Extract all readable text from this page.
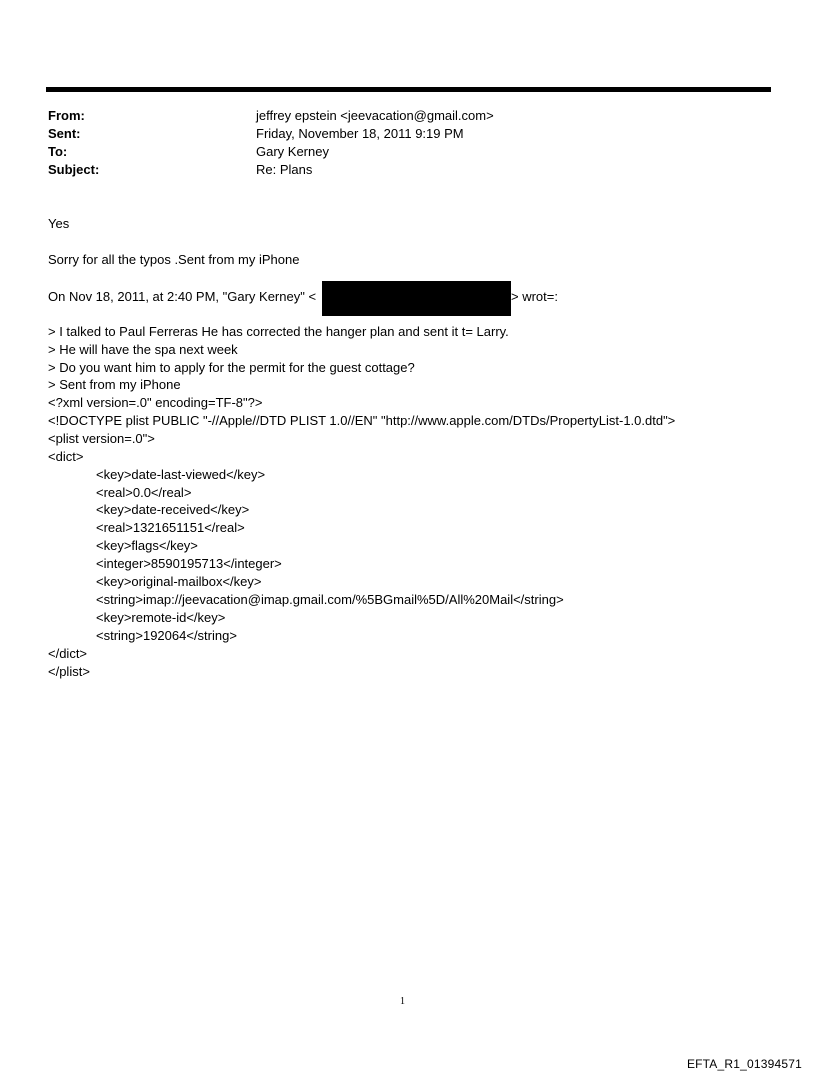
From:	jeffrey epstein <jeevacation@gmail.com>
Sent:	Friday, November 18, 2011 9:19 PM
To:	Gary Kerney
Subject:	Re: Plans
Yes
Sorry for all the typos .Sent from my iPhone
On Nov 18, 2011, at 2:40 PM, "Gary Kerney" <	> wrot=:
> I talked to Paul Ferreras He has corrected the hanger plan and sent it t= Larry.
> He will have the spa next week
> Do you want him to apply for the permit for the guest cottage?
> Sent from my iPhone
<?xml version=.0" encoding=TF-8"?>
<!DOCTYPE plist PUBLIC "-//Apple//DTD PLIST 1.0//EN" "http://www.apple.com/DTDs/PropertyList-1.0.dtd">
<plist version=.0">
<dict>
<key>date-last-viewed</key>
<real>0.0</real>
<key>date-received</key>
<real>1321651151</real>
<key>flags</key>
<integer>8590195713</integer>
<key>original-mailbox</key>
<string>imap://jeevacation@imap.gmail.com/%5BGmail%5D/All%20Mail</string>
<key>remote-id</key>
<string>192064</string>
</dict>
</plist>
1
EFTA_R1_01394571
